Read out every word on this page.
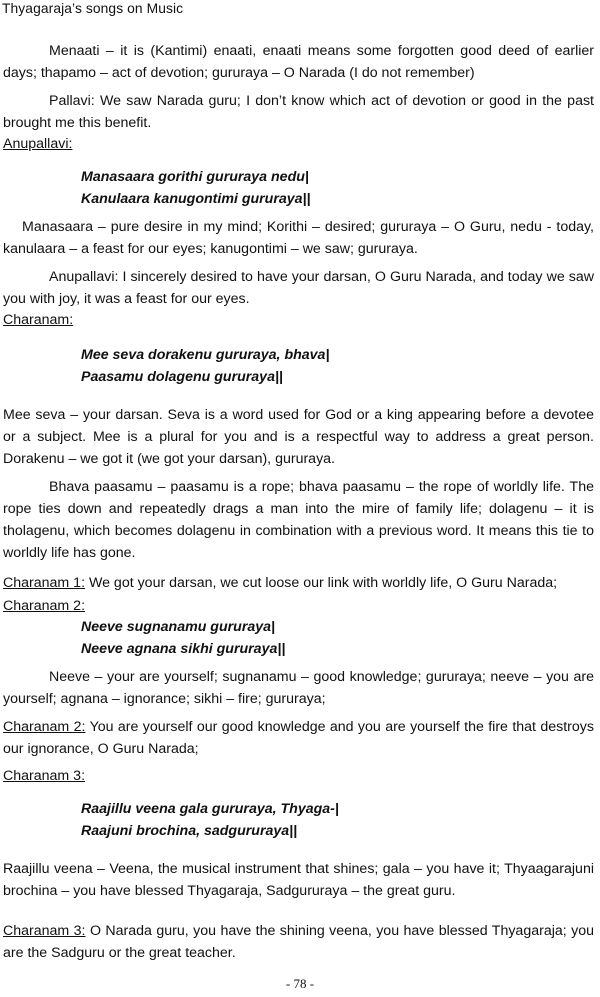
Thyagaraja’s songs on Music

Menaati – it is (Kantimi) enaati, enaati means some forgotten good deed of earlier days; thapamo – act of devotion; gururaya – O Narada (I do not remember)

Pallavi: We saw Narada guru; I don’t know which act of devotion or good in the past brought me this benefit.

Anupallavi:

Manasaara gorithi gururaya nedu|
Kanulaara kanugontimi gururaya||

Manasaara – pure desire in my mind; Korithi – desired; gururaya – O Guru, nedu - today, kanulaara – a feast for our eyes; kanugontimi – we saw; gururaya.

Anupallavi: I sincerely desired to have your darsan, O Guru Narada, and today we saw you with joy, it was a feast for our eyes.

Charanam:

Mee seva dorakenu gururaya, bhava|
Paasamu dolagenu gururaya||

Mee seva – your darsan. Seva is a word used for God or a king appearing before a devotee or a subject. Mee is a plural for you and is a respectful way to address a great person. Dorakenu – we got it (we got your darsan), gururaya.

Bhava paasamu – paasamu is a rope; bhava paasamu – the rope of worldly life. The rope ties down and repeatedly drags a man into the mire of family life; dolagenu – it is tholagenu, which becomes dolagenu in combination with a previous word. It means this tie to worldly life has gone.

Charanam 1: We got your darsan, we cut loose our link with worldly life, O Guru Narada;

Charanam 2:

Neeve sugnanamu gururaya|
Neeve agnana sikhi gururaya||

Neeve – your are yourself; sugnanamu – good knowledge; gururaya; neeve – you are yourself; agnana – ignorance; sikhi – fire; gururaya;

Charanam 2: You are yourself our good knowledge and you are yourself the fire that destroys our ignorance, O Guru Narada;

Charanam 3:

Raajillu veena gala gururaya, Thyaga-|
Raajuni brochina, sadgururaya||

Raajillu veena – Veena, the musical instrument that shines; gala – you have it; Thyaagarajuni brochina – you have blessed Thyagaraja, Sadgururaya – the great guru.

Charanam 3: O Narada guru, you have the shining veena, you have blessed Thyagaraja; you are the Sadguru or the great teacher.

- 78 -
